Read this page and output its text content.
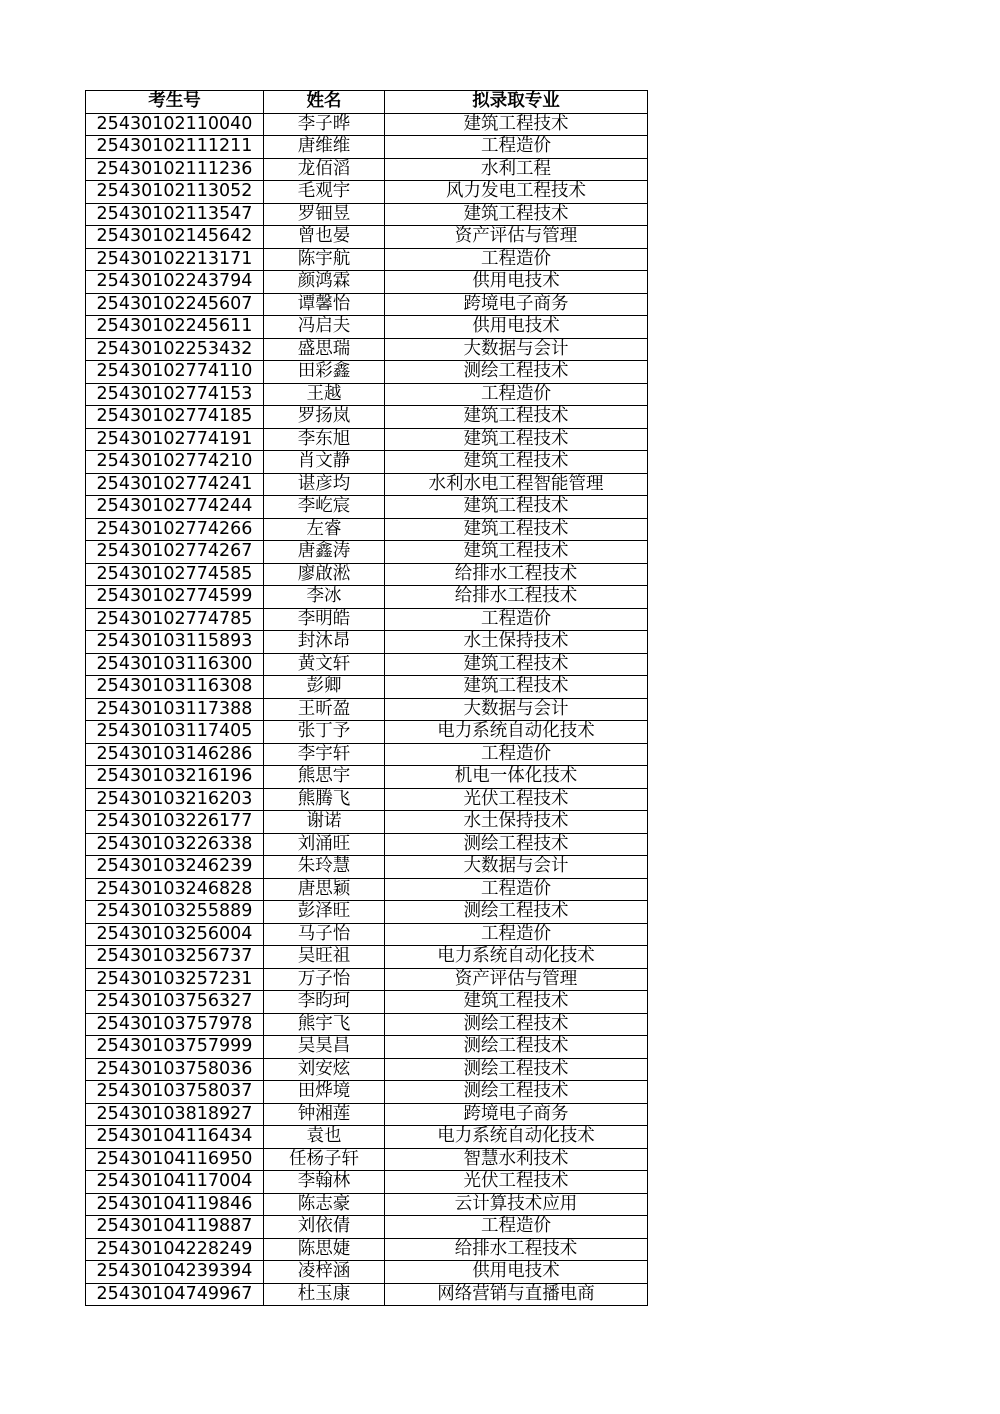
考生号	姓名	拟录取专业
25430102110040	李子晔	建筑工程技术
25430102111211	唐维维	工程造价
25430102111236	龙佰滔	水利工程
25430102113052	毛观宇	风力发电工程技术
25430102113547	罗钿昱	建筑工程技术
25430102145642	曾也晏	资产评估与管理
25430102213171	陈宇航	工程造价
25430102243794	颜鸿霖	供用电技术
25430102245607	谭馨怡	跨境电子商务
25430102245611	冯启夫	供用电技术
25430102253432	盛思瑞	大数据与会计
25430102774110	田彩鑫	测绘工程技术
25430102774153	王越	工程造价
25430102774185	罗扬岚	建筑工程技术
25430102774191	李东旭	建筑工程技术
25430102774210	肖文静	建筑工程技术
25430102774241	谌彦均	水利水电工程智能管理
25430102774244	李屹宸	建筑工程技术
25430102774266	左睿	建筑工程技术
25430102774267	唐鑫涛	建筑工程技术
25430102774585	廖啟淞	给排水工程技术
25430102774599	李冰	给排水工程技术
25430102774785	李明皓	工程造价
25430103115893	封沐昂	水土保持技术
25430103116300	黄文轩	建筑工程技术
25430103116308	彭卿	建筑工程技术
25430103117388	王昕盈	大数据与会计
25430103117405	张丁予	电力系统自动化技术
25430103146286	李宇轩	工程造价
25430103216196	熊思宇	机电一体化技术
25430103216203	熊腾飞	光伏工程技术
25430103226177	谢诺	水土保持技术
25430103226338	刘涌旺	测绘工程技术
25430103246239	朱玲慧	大数据与会计
25430103246828	唐思颖	工程造价
25430103255889	彭泽旺	测绘工程技术
25430103256004	马子怡	工程造价
25430103256737	吴旺祖	电力系统自动化技术
25430103257231	万子怡	资产评估与管理
25430103756327	李昀珂	建筑工程技术
25430103757978	熊宇飞	测绘工程技术
25430103757999	吴昊昌	测绘工程技术
25430103758036	刘安炫	测绘工程技术
25430103758037	田烨境	测绘工程技术
25430103818927	钟湘莲	跨境电子商务
25430104116434	袁也	电力系统自动化技术
25430104116950	任杨子轩	智慧水利技术
25430104117004	李翰林	光伏工程技术
25430104119846	陈志豪	云计算技术应用
25430104119887	刘依倩	工程造价
25430104228249	陈思婕	给排水工程技术
25430104239394	凌梓涵	供用电技术
25430104749967	杜玉康	网络营销与直播电商
